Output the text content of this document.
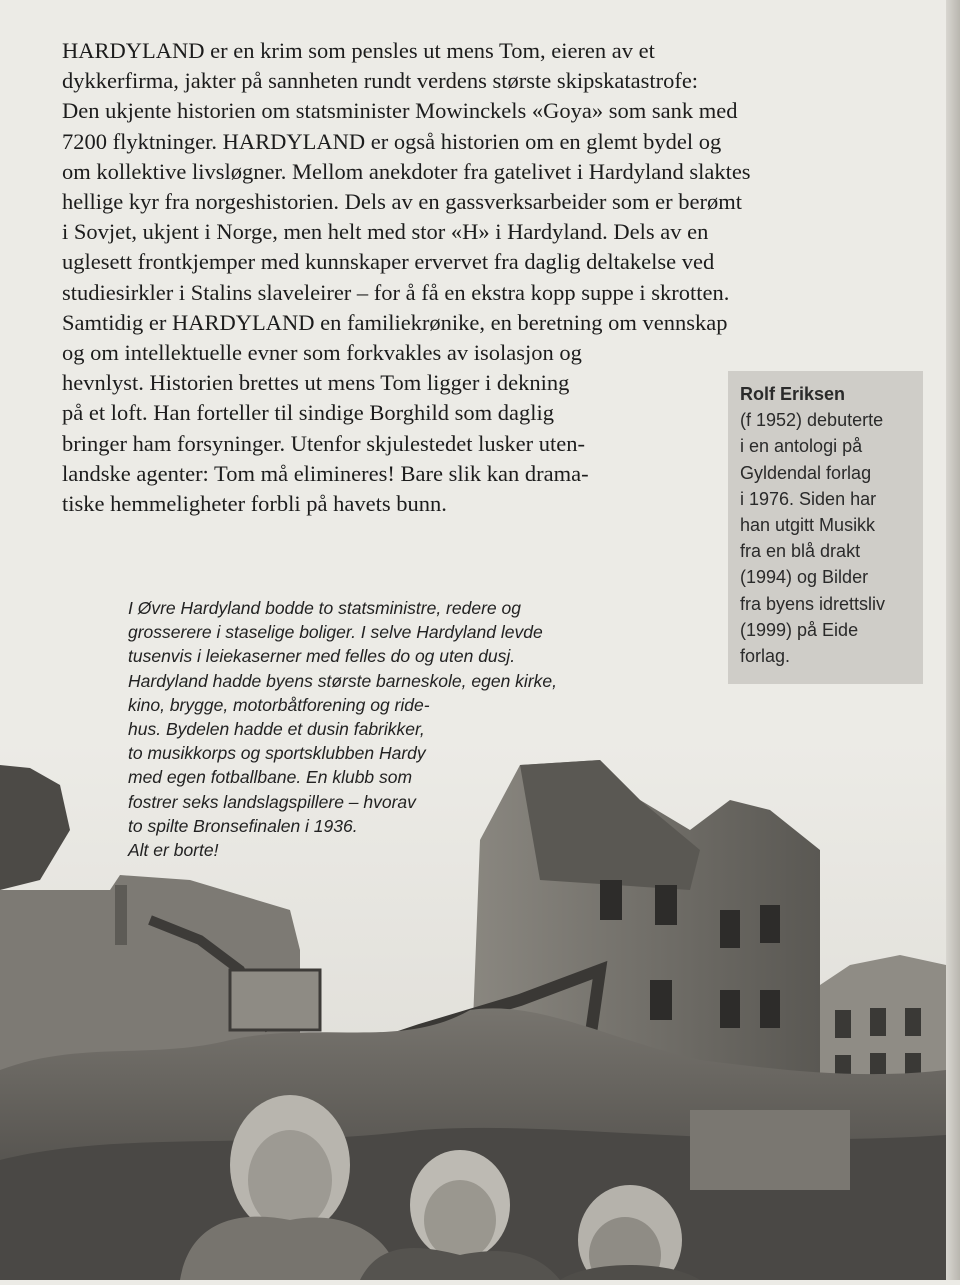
HARDYLAND er en krim som pensles ut mens Tom, eieren av et
dykkerfirma, jakter på sannheten rundt verdens største skipskatastrofe:
Den ukjente historien om statsminister Mowinckels «Goya» som sank med
7200 flyktninger. HARDYLAND er også historien om en glemt bydel og
om kollektive livsløgner. Mellom anekdoter fra gatelivet i Hardyland slaktes
hellige kyr fra norgeshistorien. Dels av en gassverksarbeider som er berømt
i Sovjet, ukjent i Norge, men helt med stor «H» i Hardyland. Dels av en
uglesett frontkjemper med kunnskaper ervervet fra daglig deltakelse ved
studiesirkler i Stalins slaveleirer – for å få en ekstra kopp suppe i skrotten.
Samtidig er HARDYLAND en familiekrønike, en beretning om vennskap
og om intellektuelle evner som forkvakles av isolasjon og
hevnlyst. Historien brettes ut mens Tom ligger i dekning
på et loft. Han forteller til sindige Borghild som daglig
bringer ham forsyninger. Utenfor skjulestedet lusker uten-
landske agenter: Tom må elimineres! Bare slik kan drama-
tiske hemmeligheter forbli på havets bunn.
Rolf Eriksen
(f 1952) debuterte
i en antologi på
Gyldendal forlag
i 1976. Siden har
han utgitt Musikk
fra en blå drakt
(1994) og Bilder
fra byens idrettsliv
(1999) på Eide
forlag.
I Øvre Hardyland bodde to statsministre, redere og
grosserere i staselige boliger. I selve Hardyland levde
tusenvis i leiekaserner med felles do og uten dusj.
Hardyland hadde byens største barneskole, egen kirke,
kino, brygge, motorbåtforening og ride-
hus. Bydelen hadde et dusin fabrikker,
to musikkorps og sportsklubben Hardy
med egen fotballbane. En klubb som
fostrer seks landslagspillere – hvorav
to spilte Bronsefinalen i 1936.
Alt er borte!
